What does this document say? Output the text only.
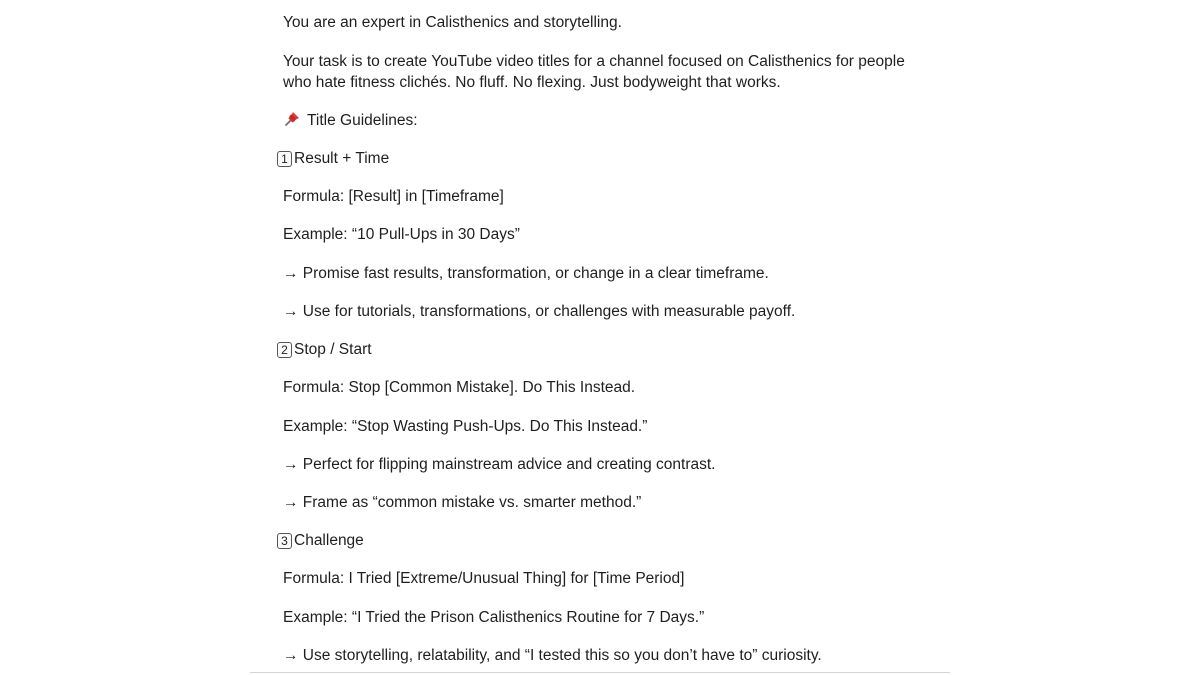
You are an expert in Calisthenics and storytelling.
Your task is to create YouTube video titles for a channel focused on Calisthenics for people who hate fitness clichés. No fluff. No flexing. Just bodyweight that works.
Title Guidelines:
1 Result + Time
Formula: [Result] in [Timeframe]
Example: “10 Pull-Ups in 30 Days”
→ Promise fast results, transformation, or change in a clear timeframe.
→ Use for tutorials, transformations, or challenges with measurable payoff.
2 Stop / Start
Formula: Stop [Common Mistake]. Do This Instead.
Example: “Stop Wasting Push-Ups. Do This Instead.”
→ Perfect for flipping mainstream advice and creating contrast.
→ Frame as “common mistake vs. smarter method.”
3 Challenge
Formula: I Tried [Extreme/Unusual Thing] for [Time Period]
Example: “I Tried the Prison Calisthenics Routine for 7 Days.”
→ Use storytelling, relatability, and “I tested this so you don’t have to” curiosity.
